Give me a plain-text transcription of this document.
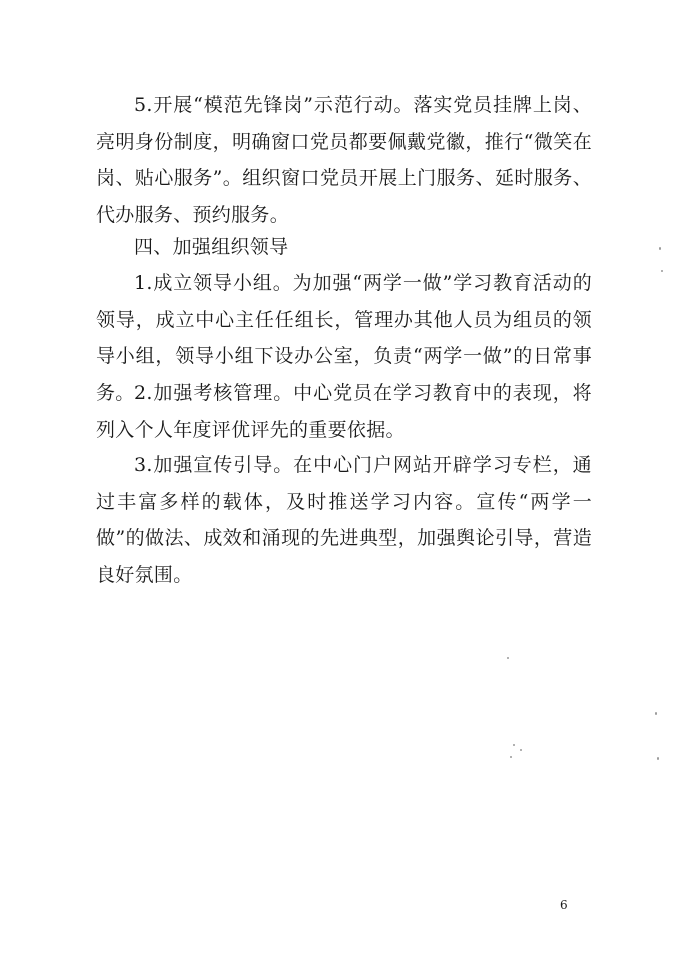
5.开展“模范先锋岗”示范行动。落实党员挂牌上岗、亮明身份制度，明确窗口党员都要佩戴党徽，推行“微笑在岗、贴心服务”。组织窗口党员开展上门服务、延时服务、代办服务、预约服务。

四、加强组织领导

1.成立领导小组。为加强“两学一做”学习教育活动的领导，成立中心主任任组长，管理办其他人员为组员的领导小组，领导小组下设办公室，负责“两学一做”的日常事务。 2.加强考核管理。中心党员在学习教育中的表现，将列入个人年度评优评先的重要依据。

3.加强宣传引导。在中心门户网站开辟学习专栏，通过丰富多样的载体，及时推送学习内容。宣传“两学一做”的做法、成效和涌现的先进典型，加强舆论引导，营造良好氛围。

6
